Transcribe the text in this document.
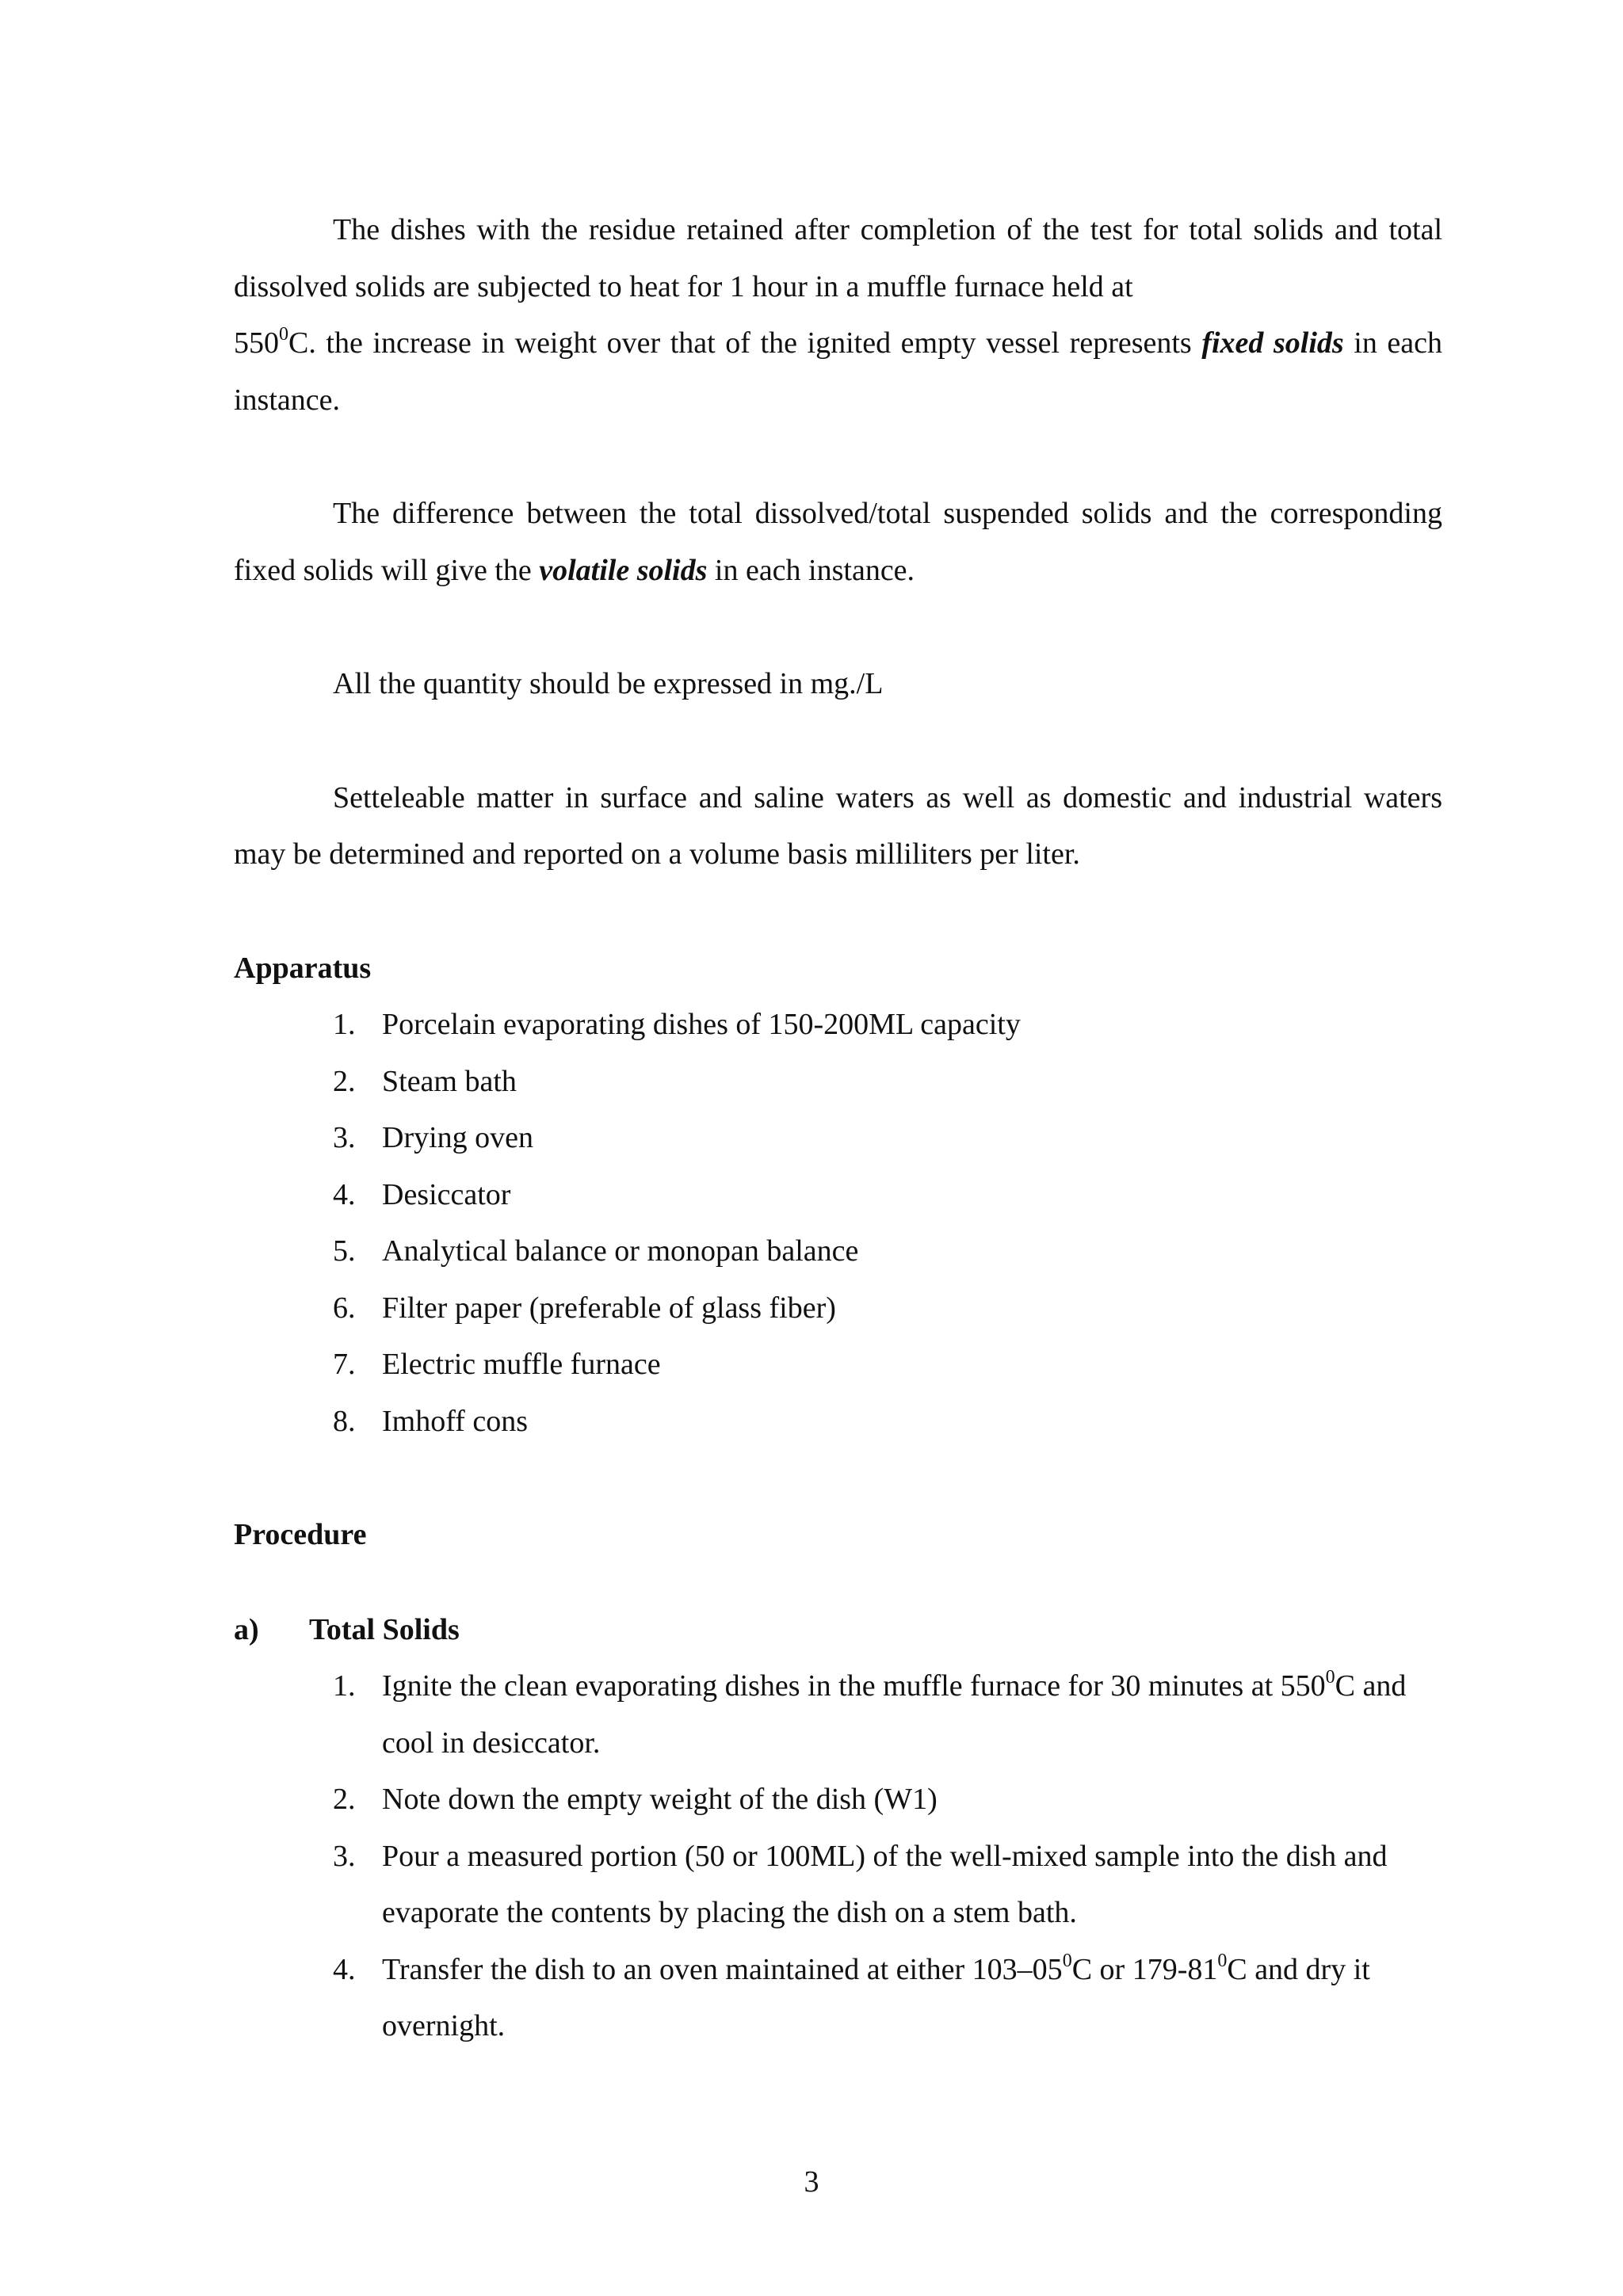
The dishes with the residue retained after completion of the test for total solids and total dissolved solids are subjected to heat for 1 hour in a muffle furnace held at
$550^0C$. the increase in weight over that of the ignited empty vessel represents fixed solids in each instance.

The difference between the total dissolved/total suspended solids and the corresponding fixed solids will give the volatile solids in each instance.

All the quantity should be expressed in mg./L

Setteleable matter in surface and saline waters as well as domestic and industrial waters may be determined and reported on a volume basis milliliters per liter.

Apparatus

1. Porcelain evaporating dishes of 150-200ML capacity
2. Steam bath
3. Drying oven
4. Desiccator
5. Analytical balance or monopan balance
6. Filter paper (preferable of glass fiber)
7. Electric muffle furnace
8. Imhoff cons

Procedure

a)	Total Solids

1. Ignite the clean evaporating dishes in the muffle furnace for 30 minutes at $550^0C$ and cool in desiccator.
2. Note down the empty weight of the dish (W1)
3. Pour a measured portion (50 or 100ML) of the well-mixed sample into the dish and evaporate the contents by placing the dish on a stem bath.
4. Transfer the dish to an oven maintained at either $103-05^0C$ or $179-81^0C$ and dry it overnight.
3
